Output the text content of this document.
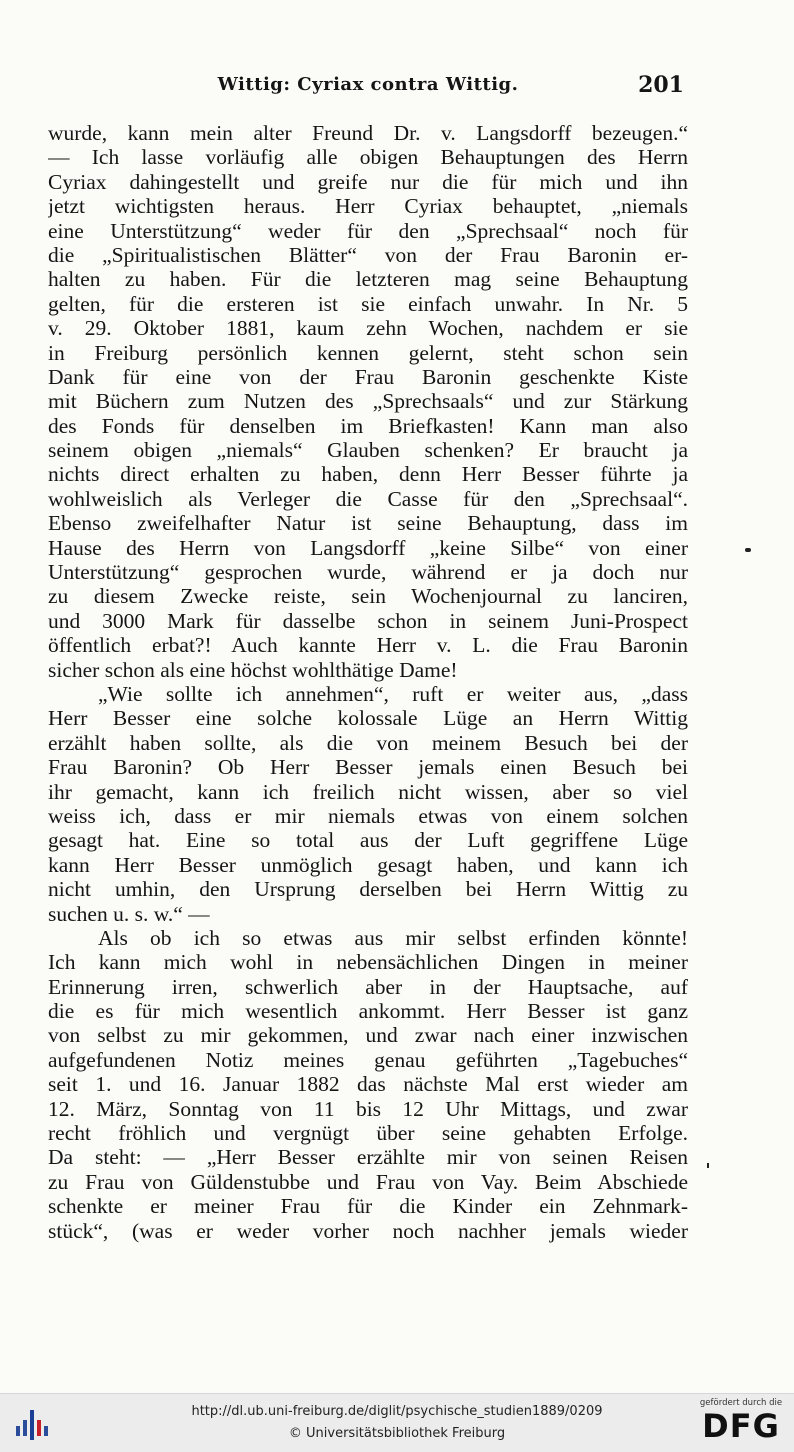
Wittig: Cyriax contra Wittig.	201
wurde, kann mein alter Freund Dr. v. Langsdorff bezeugen.“
— Ich lasse vorläufig alle obigen Behauptungen des Herrn
Cyriax dahingestellt und greife nur die für mich und ihn
jetzt wichtigsten heraus. Herr Cyriax behauptet, „niemals
eine Unterstützung“ weder für den „Sprechsaal“ noch für
die „Spiritualistischen Blätter“ von der Frau Baronin er-
halten zu haben. Für die letzteren mag seine Behauptung
gelten, für die ersteren ist sie einfach unwahr. In Nr. 5
v. 29. Oktober 1881, kaum zehn Wochen, nachdem er sie
in Freiburg persönlich kennen gelernt, steht schon sein
Dank für eine von der Frau Baronin geschenkte Kiste
mit Büchern zum Nutzen des „Sprechsaals“ und zur Stärkung
des Fonds für denselben im Briefkasten! Kann man also
seinem obigen „niemals“ Glauben schenken? Er braucht ja
nichts direct erhalten zu haben, denn Herr Besser führte ja
wohlweislich als Verleger die Casse für den „Sprechsaal“.
Ebenso zweifelhafter Natur ist seine Behauptung, dass im
Hause des Herrn von Langsdorff „keine Silbe“ von einer
Unterstützung“ gesprochen wurde, während er ja doch nur
zu diesem Zwecke reiste, sein Wochenjournal zu lanciren,
und 3000 Mark für dasselbe schon in seinem Juni-Prospect
öffentlich erbat?! Auch kannte Herr v. L. die Frau Baronin
sicher schon als eine höchst wohlthätige Dame!
„Wie sollte ich annehmen“, ruft er weiter aus, „dass
Herr Besser eine solche kolossale Lüge an Herrn Wittig
erzählt haben sollte, als die von meinem Besuch bei der
Frau Baronin? Ob Herr Besser jemals einen Besuch bei
ihr gemacht, kann ich freilich nicht wissen, aber so viel
weiss ich, dass er mir niemals etwas von einem solchen
gesagt hat. Eine so total aus der Luft gegriffene Lüge
kann Herr Besser unmöglich gesagt haben, und kann ich
nicht umhin, den Ursprung derselben bei Herrn Wittig zu
suchen u. s. w.“ —
Als ob ich so etwas aus mir selbst erfinden könnte!
Ich kann mich wohl in nebensächlichen Dingen in meiner
Erinnerung irren, schwerlich aber in der Hauptsache, auf
die es für mich wesentlich ankommt. Herr Besser ist ganz
von selbst zu mir gekommen, und zwar nach einer inzwischen
aufgefundenen Notiz meines genau geführten „Tagebuches“
seit 1. und 16. Januar 1882 das nächste Mal erst wieder am
12. März, Sonntag von 11 bis 12 Uhr Mittags, und zwar
recht fröhlich und vergnügt über seine gehabten Erfolge.
Da steht: — „Herr Besser erzählte mir von seinen Reisen
zu Frau von Güldenstubbe und Frau von Vay. Beim Abschiede
schenkte er meiner Frau für die Kinder ein Zehnmark-
stück“, (was er weder vorher noch nachher jemals wieder
http://dl.ub.uni-freiburg.de/diglit/psychische_studien1889/0209
© Universitätsbibliothek Freiburg
gefördert durch die
DFG
